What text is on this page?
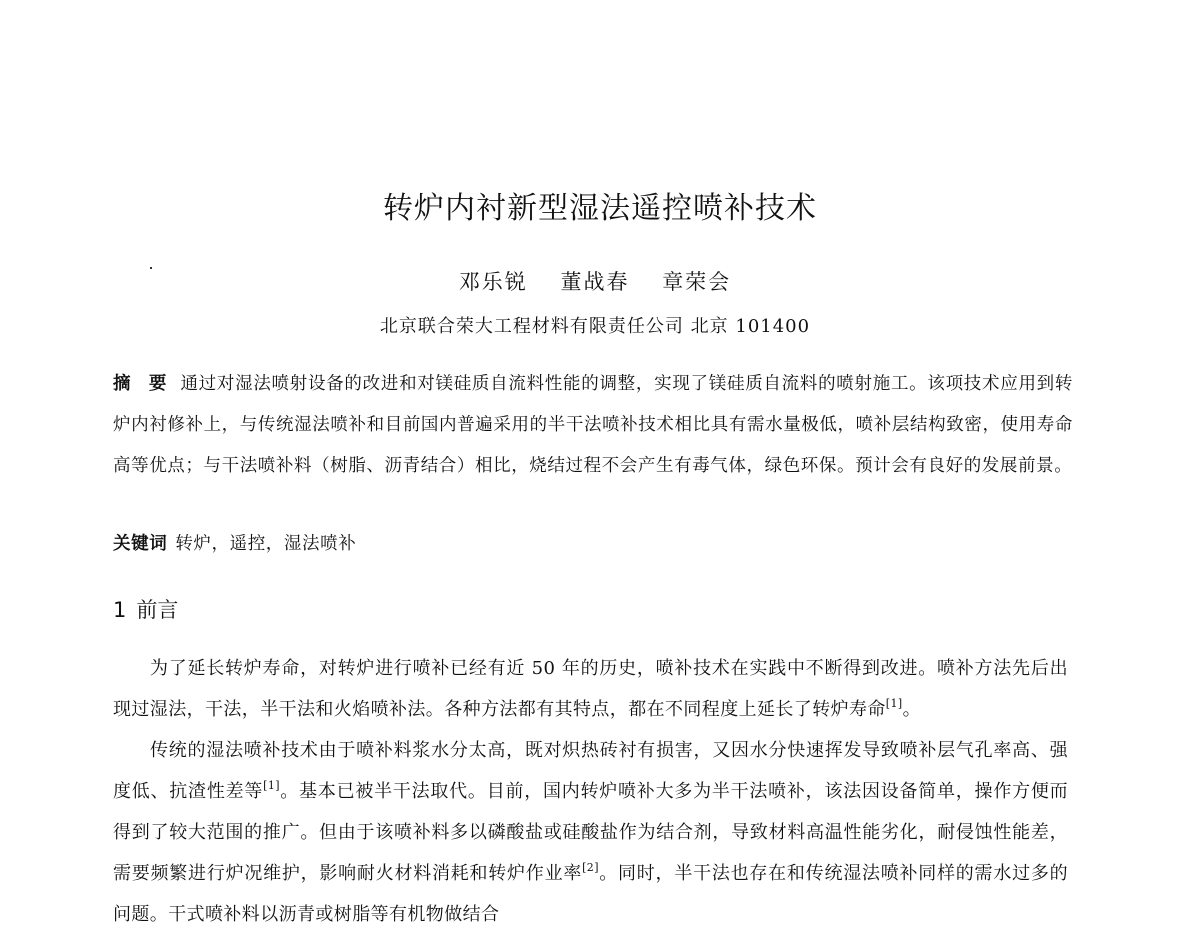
转炉内衬新型湿法遥控喷补技术
邓乐锐 董战春 章荣会
北京联合荣大工程材料有限责任公司 北京 101400
摘 要 通过对湿法喷射设备的改进和对镁硅质自流料性能的调整，实现了镁硅质自流料的喷射施工。该项技术应用到转炉内衬修补上，与传统湿法喷补和目前国内普遍采用的半干法喷补技术相比具有需水量极低，喷补层结构致密，使用寿命高等优点；与干法喷补料（树脂、沥青结合）相比，烧结过程不会产生有毒气体，绿色环保。预计会有良好的发展前景。
关键词 转炉，遥控，湿法喷补
1 前言

为了延长转炉寿命，对转炉进行喷补已经有近 50 年的历史，喷补技术在实践中不断得到改进。喷补方法先后出现过湿法，干法，半干法和火焰喷补法。各种方法都有其特点，都在不同程度上延长了转炉寿命[1]。

传统的湿法喷补技术由于喷补料浆水分太高，既对炽热砖衬有损害，又因水分快速挥发导致喷补层气孔率高、强度低、抗渣性差等[1]。基本已被半干法取代。目前，国内转炉喷补大多为半干法喷补，该法因设备简单，操作方便而得到了较大范围的推广。但由于该喷补料多以磷酸盐或硅酸盐作为结合剂，导致材料高温性能劣化，耐侵蚀性能差，需要频繁进行炉况维护，影响耐火材料消耗和转炉作业率[2]。同时，半干法也存在和传统湿法喷补同样的需水过多的问题。干式喷补料以沥青或树脂等有机物做结合
